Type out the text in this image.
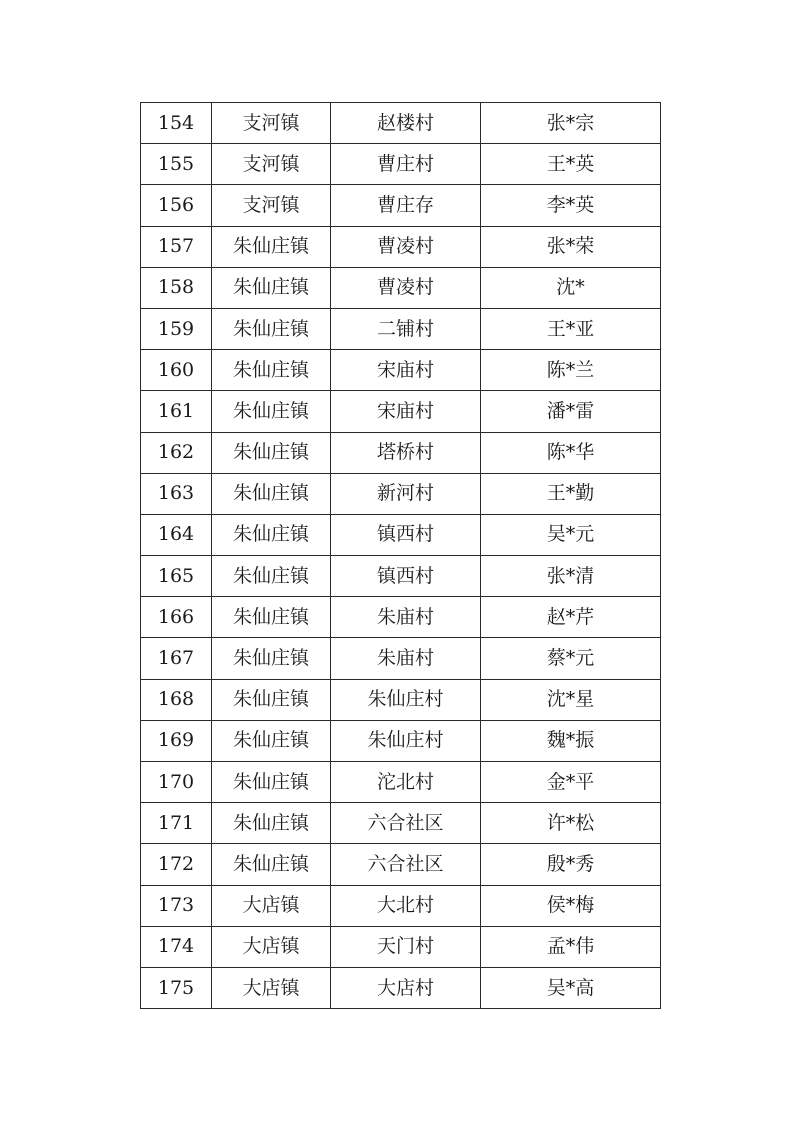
154	支河镇	赵楼村	张*宗
155	支河镇	曹庄村	王*英
156	支河镇	曹庄存	李*英
157	朱仙庄镇	曹凌村	张*荣
158	朱仙庄镇	曹凌村	沈*
159	朱仙庄镇	二铺村	王*亚
160	朱仙庄镇	宋庙村	陈*兰
161	朱仙庄镇	宋庙村	潘*雷
162	朱仙庄镇	塔桥村	陈*华
163	朱仙庄镇	新河村	王*勤
164	朱仙庄镇	镇西村	吴*元
165	朱仙庄镇	镇西村	张*清
166	朱仙庄镇	朱庙村	赵*芹
167	朱仙庄镇	朱庙村	蔡*元
168	朱仙庄镇	朱仙庄村	沈*星
169	朱仙庄镇	朱仙庄村	魏*振
170	朱仙庄镇	沱北村	金*平
171	朱仙庄镇	六合社区	许*松
172	朱仙庄镇	六合社区	殷*秀
173	大店镇	大北村	侯*梅
174	大店镇	天门村	孟*伟
175	大店镇	大店村	吴*高
